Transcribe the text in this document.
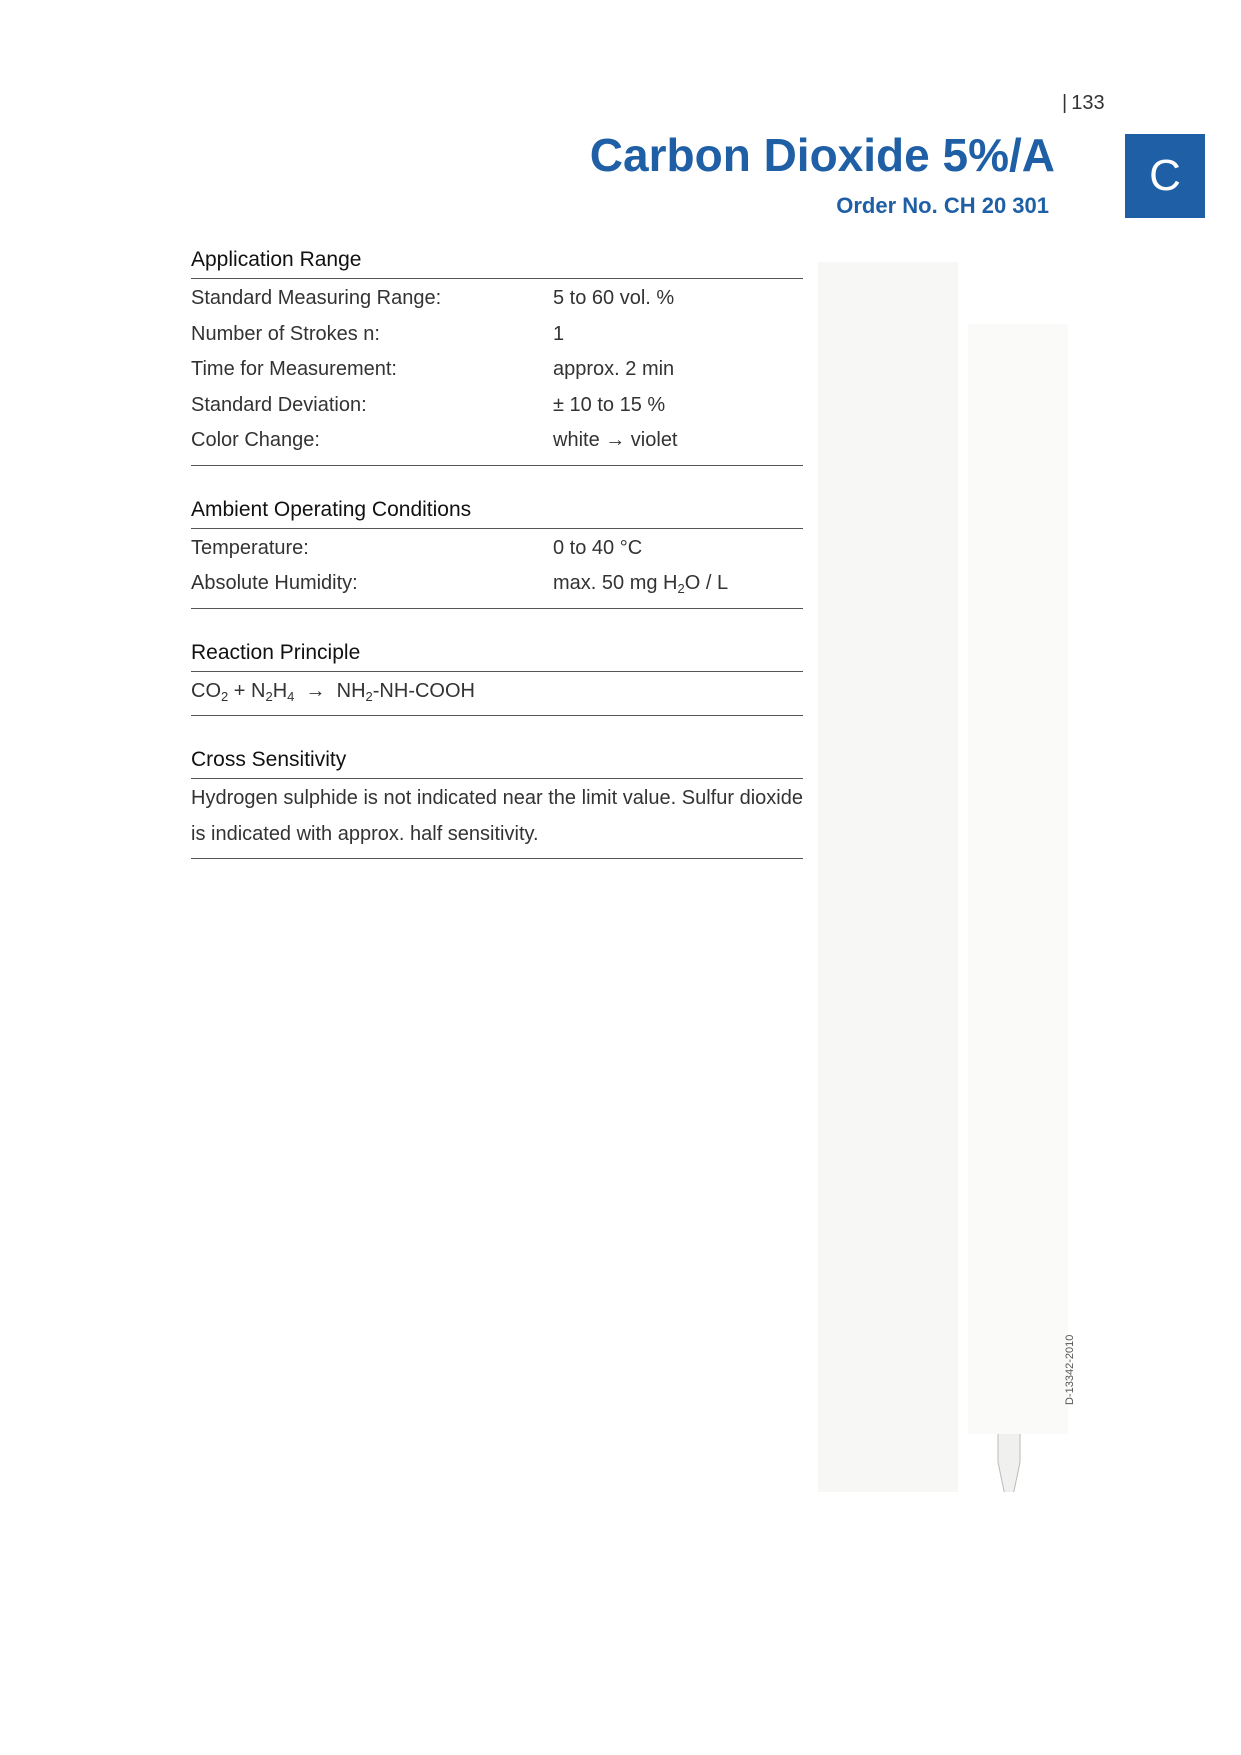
| 133
Carbon Dioxide 5%/A
Order No. CH 20 301
C
Application Range
Standard Measuring Range:	5 to 60 vol. %
Number of Strokes n:	1
Time for Measurement:	approx. 2 min
Standard Deviation:	± 10 to 15 %
Color Change:	white → violet
Ambient Operating Conditions
Temperature:	0 to 40 °C
Absolute Humidity:	max. 50 mg $H_2O$ / L
Reaction Principle
$CO_2 + N_2H_4$  →  $NH_2-NH$-COOH
Cross Sensitivity
Hydrogen sulphide is not indicated near the limit value. Sulfur dioxide is indicated with approx. half sensitivity.
D-13342-2010
